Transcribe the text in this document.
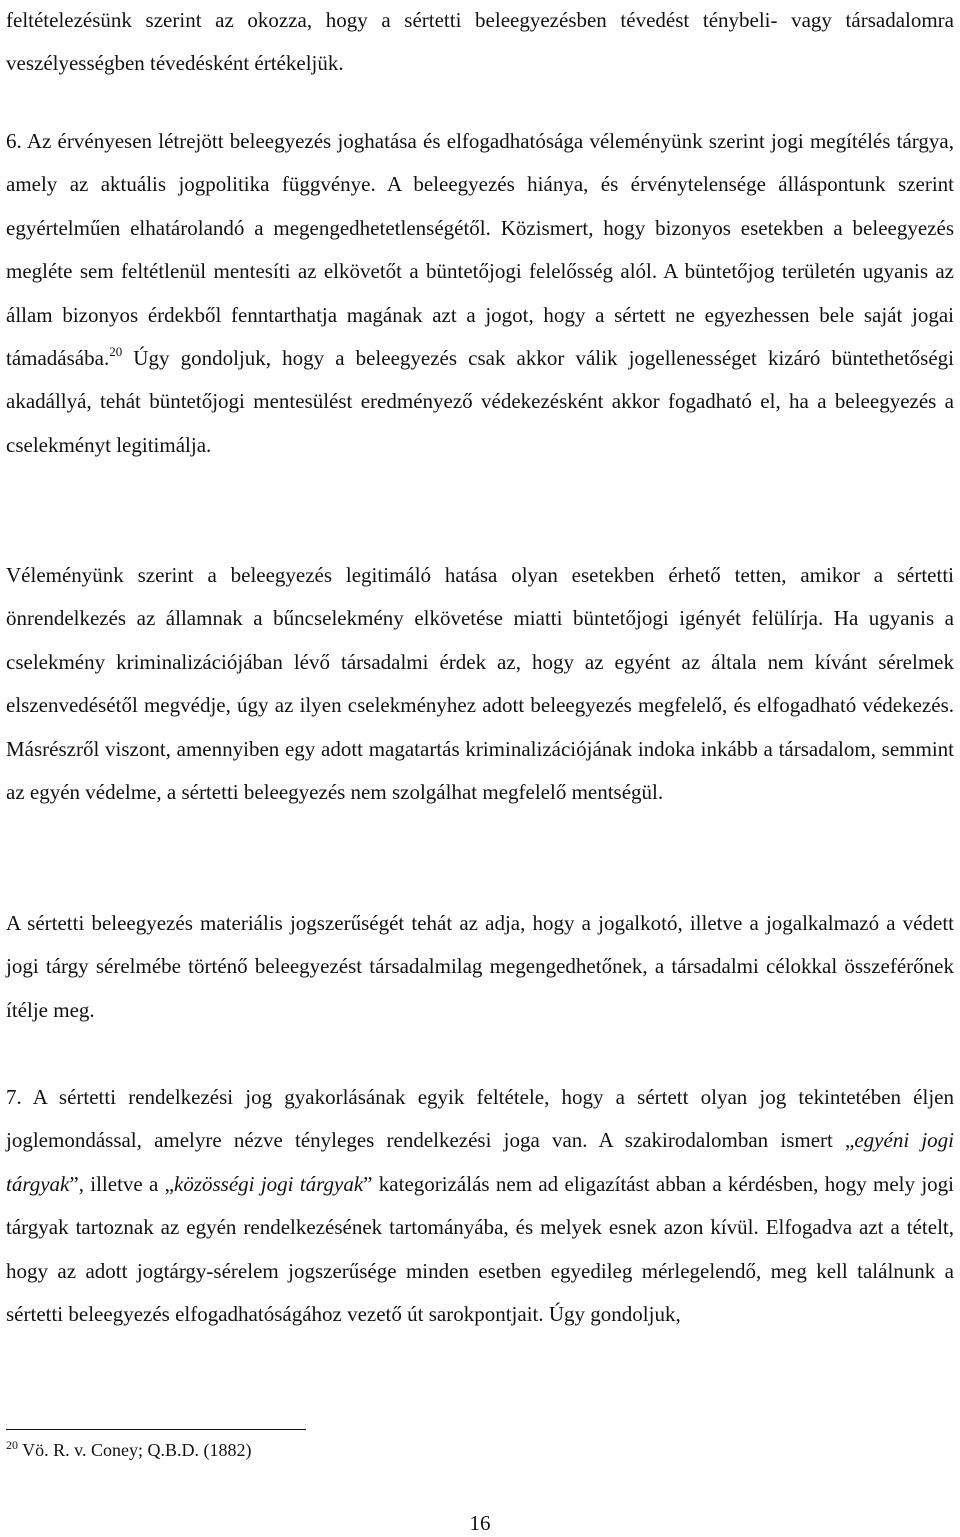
feltételezésünk szerint az okozza, hogy a sértetti beleegyezésben tévedést ténybeli- vagy társadalomra veszélyességben tévedésként értékeljük.

6. Az érvényesen létrejött beleegyezés joghatása és elfogadhatósága véleményünk szerint jogi megítélés tárgya, amely az aktuális jogpolitika függvénye. A beleegyezés hiánya, és érvénytelensége álláspontunk szerint egyértelműen elhatárolandó a megengedhetetlenségétől. Közismert, hogy bizonyos esetekben a beleegyezés megléte sem feltétlenül mentesíti az elkövetőt a büntetőjogi felelősség alól. A büntetőjog területén ugyanis az állam bizonyos érdekből fenntarthatja magának azt a jogot, hogy a sértett ne egyezhessen bele saját jogai támadásába.$^{20}$ Úgy gondoljuk, hogy a beleegyezés csak akkor válik jogellenességet kizáró büntethetőségi akadállyá, tehát büntetőjogi mentesülést eredményező védekezésként akkor fogadható el, ha a beleegyezés a cselekményt legitimálja.

Véleményünk szerint a beleegyezés legitimáló hatása olyan esetekben érhető tetten, amikor a sértetti önrendelkezés az államnak a bűncselekmény elkövetése miatti büntetőjogi igényét felülírja. Ha ugyanis a cselekmény kriminalizációjában lévő társadalmi érdek az, hogy az egyént az általa nem kívánt sérelmek elszenvedésétől megvédje, úgy az ilyen cselekményhez adott beleegyezés megfelelő, és elfogadható védekezés. Másrészről viszont, amennyiben egy adott magatartás kriminalizációjának indoka inkább a társadalom, semmint az egyén védelme, a sértetti beleegyezés nem szolgálhat megfelelő mentségül.

A sértetti beleegyezés materiális jogszerűségét tehát az adja, hogy a jogalkotó, illetve a jogalkalmazó a védett jogi tárgy sérelmébe történő beleegyezést társadalmilag megengedhetőnek, a társadalmi célokkal összeférőnek ítélje meg.

7. A sértetti rendelkezési jog gyakorlásának egyik feltétele, hogy a sértett olyan jog tekintetében éljen joglemondással, amelyre nézve tényleges rendelkezési joga van. A szakirodalomban ismert „egyéni jogi tárgyak”, illetve a „közösségi jogi tárgyak” kategorizálás nem ad eligazítást abban a kérdésben, hogy mely jogi tárgyak tartoznak az egyén rendelkezésének tartományába, és melyek esnek azon kívül. Elfogadva azt a tételt, hogy az adott jogtárgy-sérelem jogszerűsége minden esetben egyedileg mérlegelendő, meg kell találnunk a sértetti beleegyezés elfogadhatóságához vezető út sarokpontjait. Úgy gondoljuk,

$^{20}$ Vö. R. v. Coney; Q.B.D. (1882)

16
